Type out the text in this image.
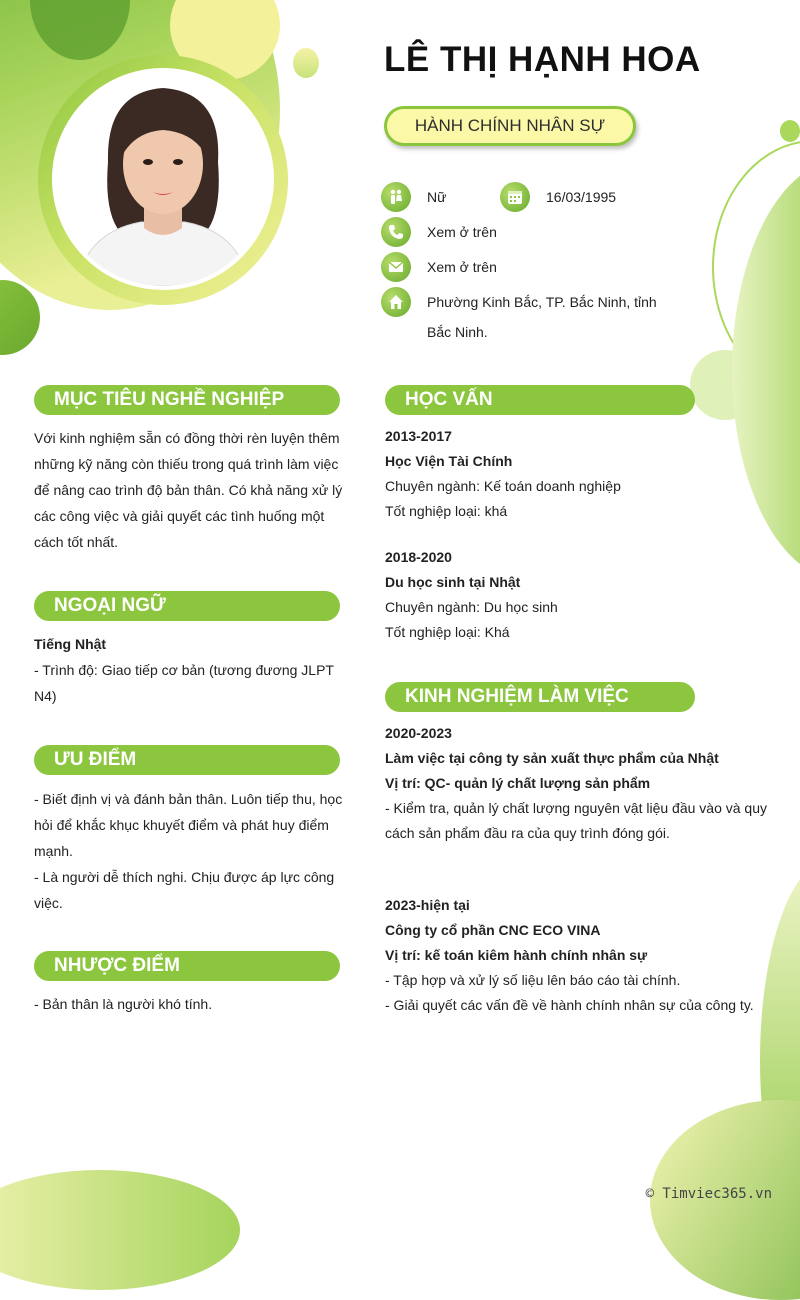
LÊ THỊ HẠNH HOA
HÀNH CHÍNH NHÂN SỰ
Nữ	16/03/1995
Xem ở trên
Xem ở trên
Phường Kinh Bắc, TP. Bắc Ninh, tỉnh
Bắc Ninh.
MỤC TIÊU NGHỀ NGHIỆP
Với kinh nghiệm sẵn có đồng thời rèn luyện thêm
những kỹ năng còn thiếu trong quá trình làm việc
để nâng cao trình độ bản thân. Có khả năng xử lý
các công việc và giải quyết các tình huống một
cách tốt nhất.
NGOẠI NGỮ
Tiếng Nhật
- Trình độ: Giao tiếp cơ bản (tương đương JLPT
N4)
ƯU ĐIỂM
- Biết định vị và đánh bản thân. Luôn tiếp thu, học
hỏi để khắc khục khuyết điểm và phát huy điểm
mạnh.
- Là người dễ thích nghi. Chịu được áp lực công
việc.
NHƯỢC ĐIỂM
- Bản thân là người khó tính.
HỌC VẤN
2013-2017
Học Viện Tài Chính
Chuyên ngành: Kế toán doanh nghiệp
Tốt nghiệp loại: khá
2018-2020
Du học sinh tại Nhật
Chuyên ngành: Du học sinh
Tốt nghiệp loại: Khá
KINH NGHIỆM LÀM VIỆC
2020-2023
Làm việc tại công ty sản xuất thực phẩm của Nhật
Vị trí: QC- quản lý chất lượng sản phẩm
- Kiểm tra, quản lý chất lượng nguyên vật liệu đầu vào và quy
cách sản phẩm đầu ra của quy trình đóng gói.
2023-hiện tại
Công ty cổ phần CNC ECO VINA
Vị trí: kế toán kiêm hành chính nhân sự
- Tập hợp và xử lý số liệu lên báo cáo tài chính.
- Giải quyết các vấn đề về hành chính nhân sự của công ty.
© Timviec365.vn
